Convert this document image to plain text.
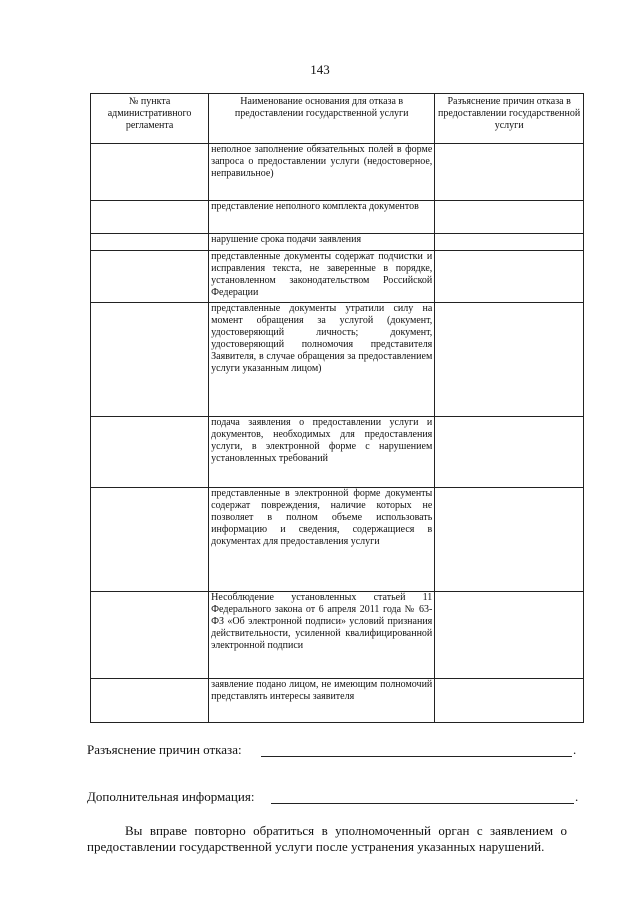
143
№ пункта административного регламента	Наименование основания для отказа в предоставлении государственной услуги	Разъяснение причин отказа в предоставлении государственной услуги
	неполное заполнение обязательных полей в форме запроса о предоставлении услуги (недостоверное, неправильное)	
	представление неполного комплекта документов	
	нарушение срока подачи заявления	
	представленные документы содержат подчистки и исправления текста, не заверенные в порядке, установленном законодательством Российской Федерации	
	представленные документы утратили силу на момент обращения за услугой (документ, удостоверяющий личность; документ, удостоверяющий полномочия представителя Заявителя, в случае обращения за предоставлением услуги указанным лицом)	
	подача заявления о предоставлении услуги и документов, необходимых для предоставления услуги, в электронной форме с нарушением установленных требований	
	представленные в электронной форме документы содержат повреждения, наличие которых не позволяет в полном объеме использовать информацию и сведения, содержащиеся в документах для предоставления услуги	
	Несоблюдение установленных статьей 11 Федерального закона от 6 апреля 2011 года № 63-ФЗ «Об электронной подписи» условий признания действительности, усиленной квалифицированной электронной подписи	
	заявление подано лицом, не имеющим полномочий представлять интересы заявителя	
Разъяснение причин отказа:	.
Дополнительная информация:	.
Вы вправе повторно обратиться в уполномоченный орган с заявлением о предоставлении государственной услуги после устранения указанных нарушений.
